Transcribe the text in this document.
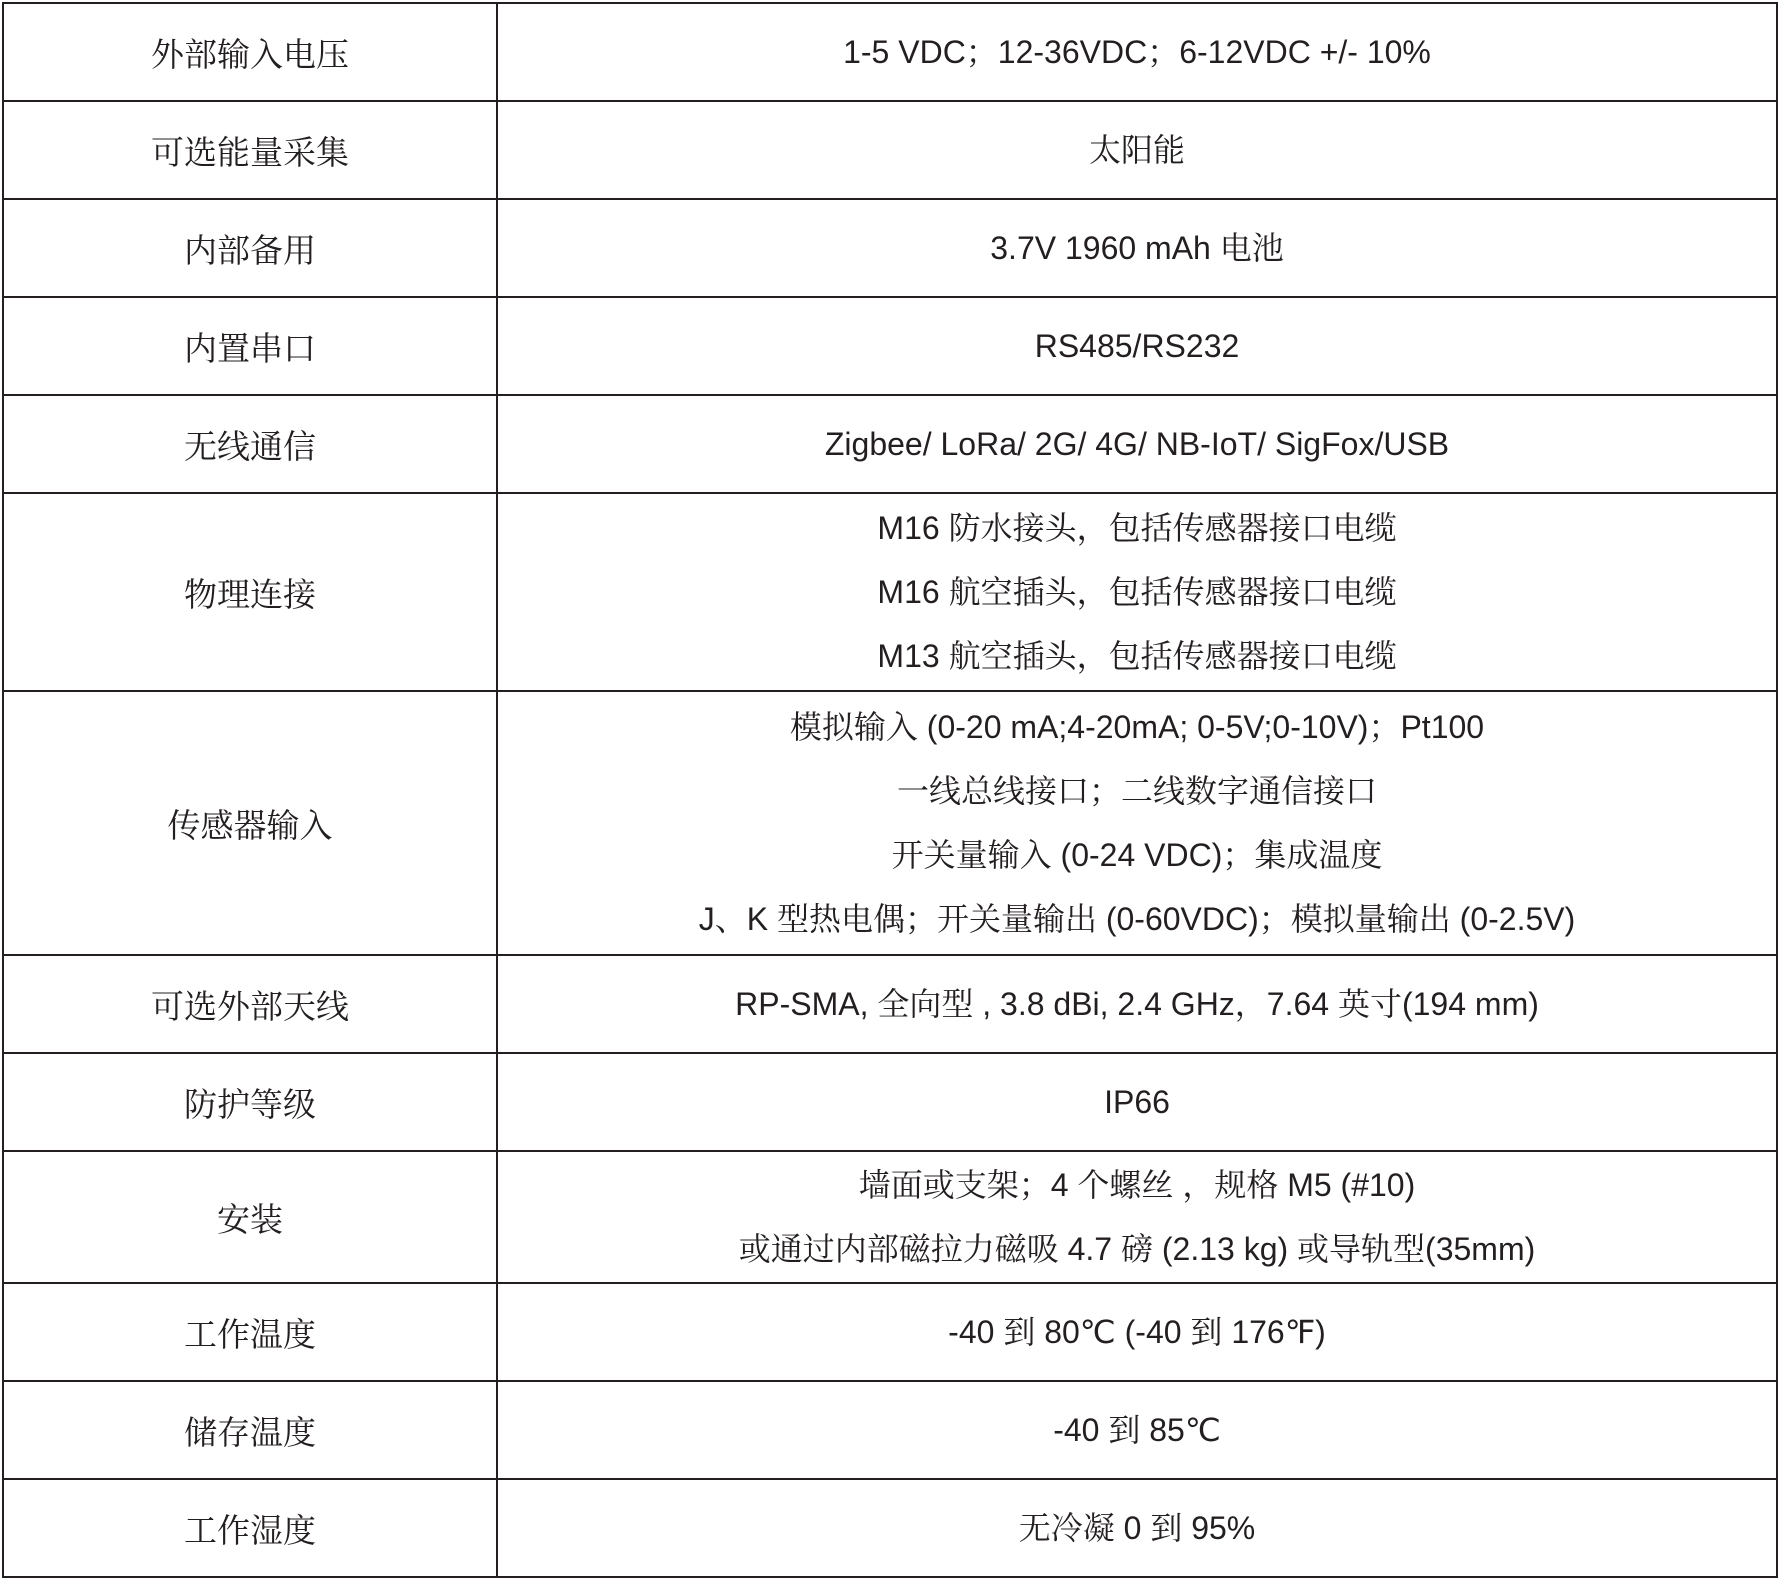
外部输入电压	1-5 VDC；12-36VDC；6-12VDC +/- 10%
可选能量采集	太阳能
内部备用	3.7V 1960 mAh 电池
内置串口	RS485/RS232
无线通信	Zigbee/ LoRa/ 2G/ 4G/ NB-IoT/ SigFox/USB
物理连接	M16 防水接头，包括传感器接口电缆
M16 航空插头，包括传感器接口电缆
M13 航空插头，包括传感器接口电缆

传感器输入	模拟输入 (0-20 mA;4-20mA; 0-5V;0-10V)；Pt100
一线总线接口；二线数字通信接口
开关量输入 (0-24 VDC)；集成温度
J、K 型热电偶；开关量输出 (0-60VDC)；模拟量输出 (0-2.5V)

可选外部天线	RP-SMA, 全向型 , 3.8 dBi, 2.4 GHz，7.64 英寸(194 mm)
防护等级	IP66
安装	墙面或支架；4 个螺丝 ，规格 M5 (#10)
或通过内部磁拉力磁吸 4.7 磅 (2.13 kg) 或导轨型(35mm)

工作温度	-40 到 80℃ (-40 到 176℉)
储存温度	-40 到 85℃
工作湿度	无冷凝 0 到 95%
